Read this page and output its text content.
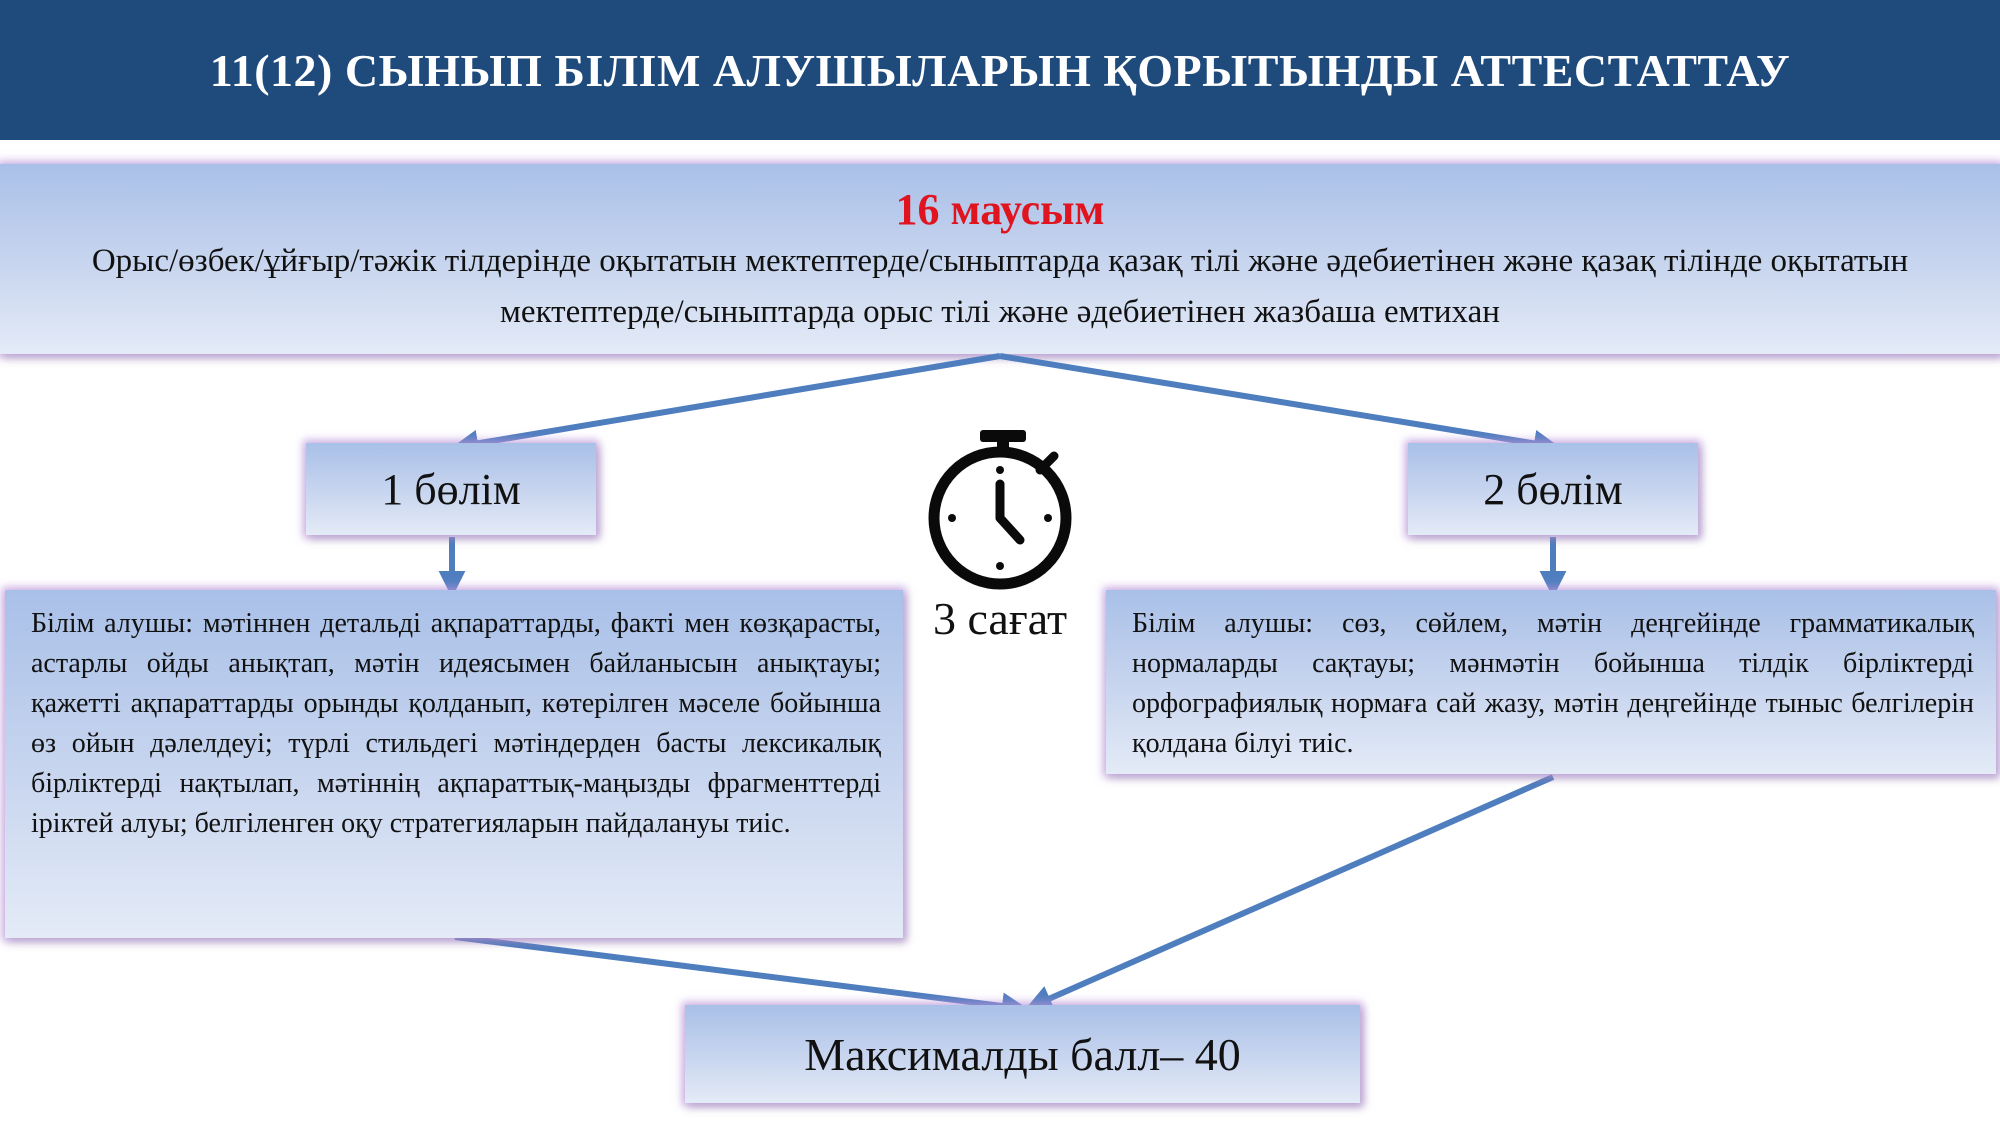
11(12) СЫНЫП БІЛІМ АЛУШЫЛАРЫН ҚОРЫТЫНДЫ АТТЕСТАТТАУ
16 маусым
Орыс/өзбек/ұйғыр/тәжік тілдерінде оқытатын мектептерде/сыныптарда қазақ тілі және әдебиетінен және қазақ тілінде оқытатын мектептерде/сыныптарда орыс тілі және әдебиетінен жазбаша емтихан
1 бөлім	2 бөлім
3 сағат
Білім алушы: мәтіннен детальді ақпараттарды, факті мен көзқарасты, астарлы ойды анықтап, мәтін идеясымен байланысын анықтауы; қажетті ақпараттарды орынды қолданып, көтерілген мәселе бойынша өз ойын дәлелдеуі; түрлі стильдегі мәтіндерден басты лексикалық бірліктерді нақтылап, мәтіннің ақпараттық-маңызды фрагменттерді іріктей алуы; белгіленген оқу стратегияларын пайдалануы тиіс.
Білім алушы: сөз, сөйлем, мәтін деңгейінде грамматикалық нормаларды сақтауы; мәнмәтін бойынша тілдік бірліктерді орфографиялық нормаға сай жазу, мәтін деңгейінде тыныс белгілерін қолдана білуі тиіс.
Максималды балл– 40
